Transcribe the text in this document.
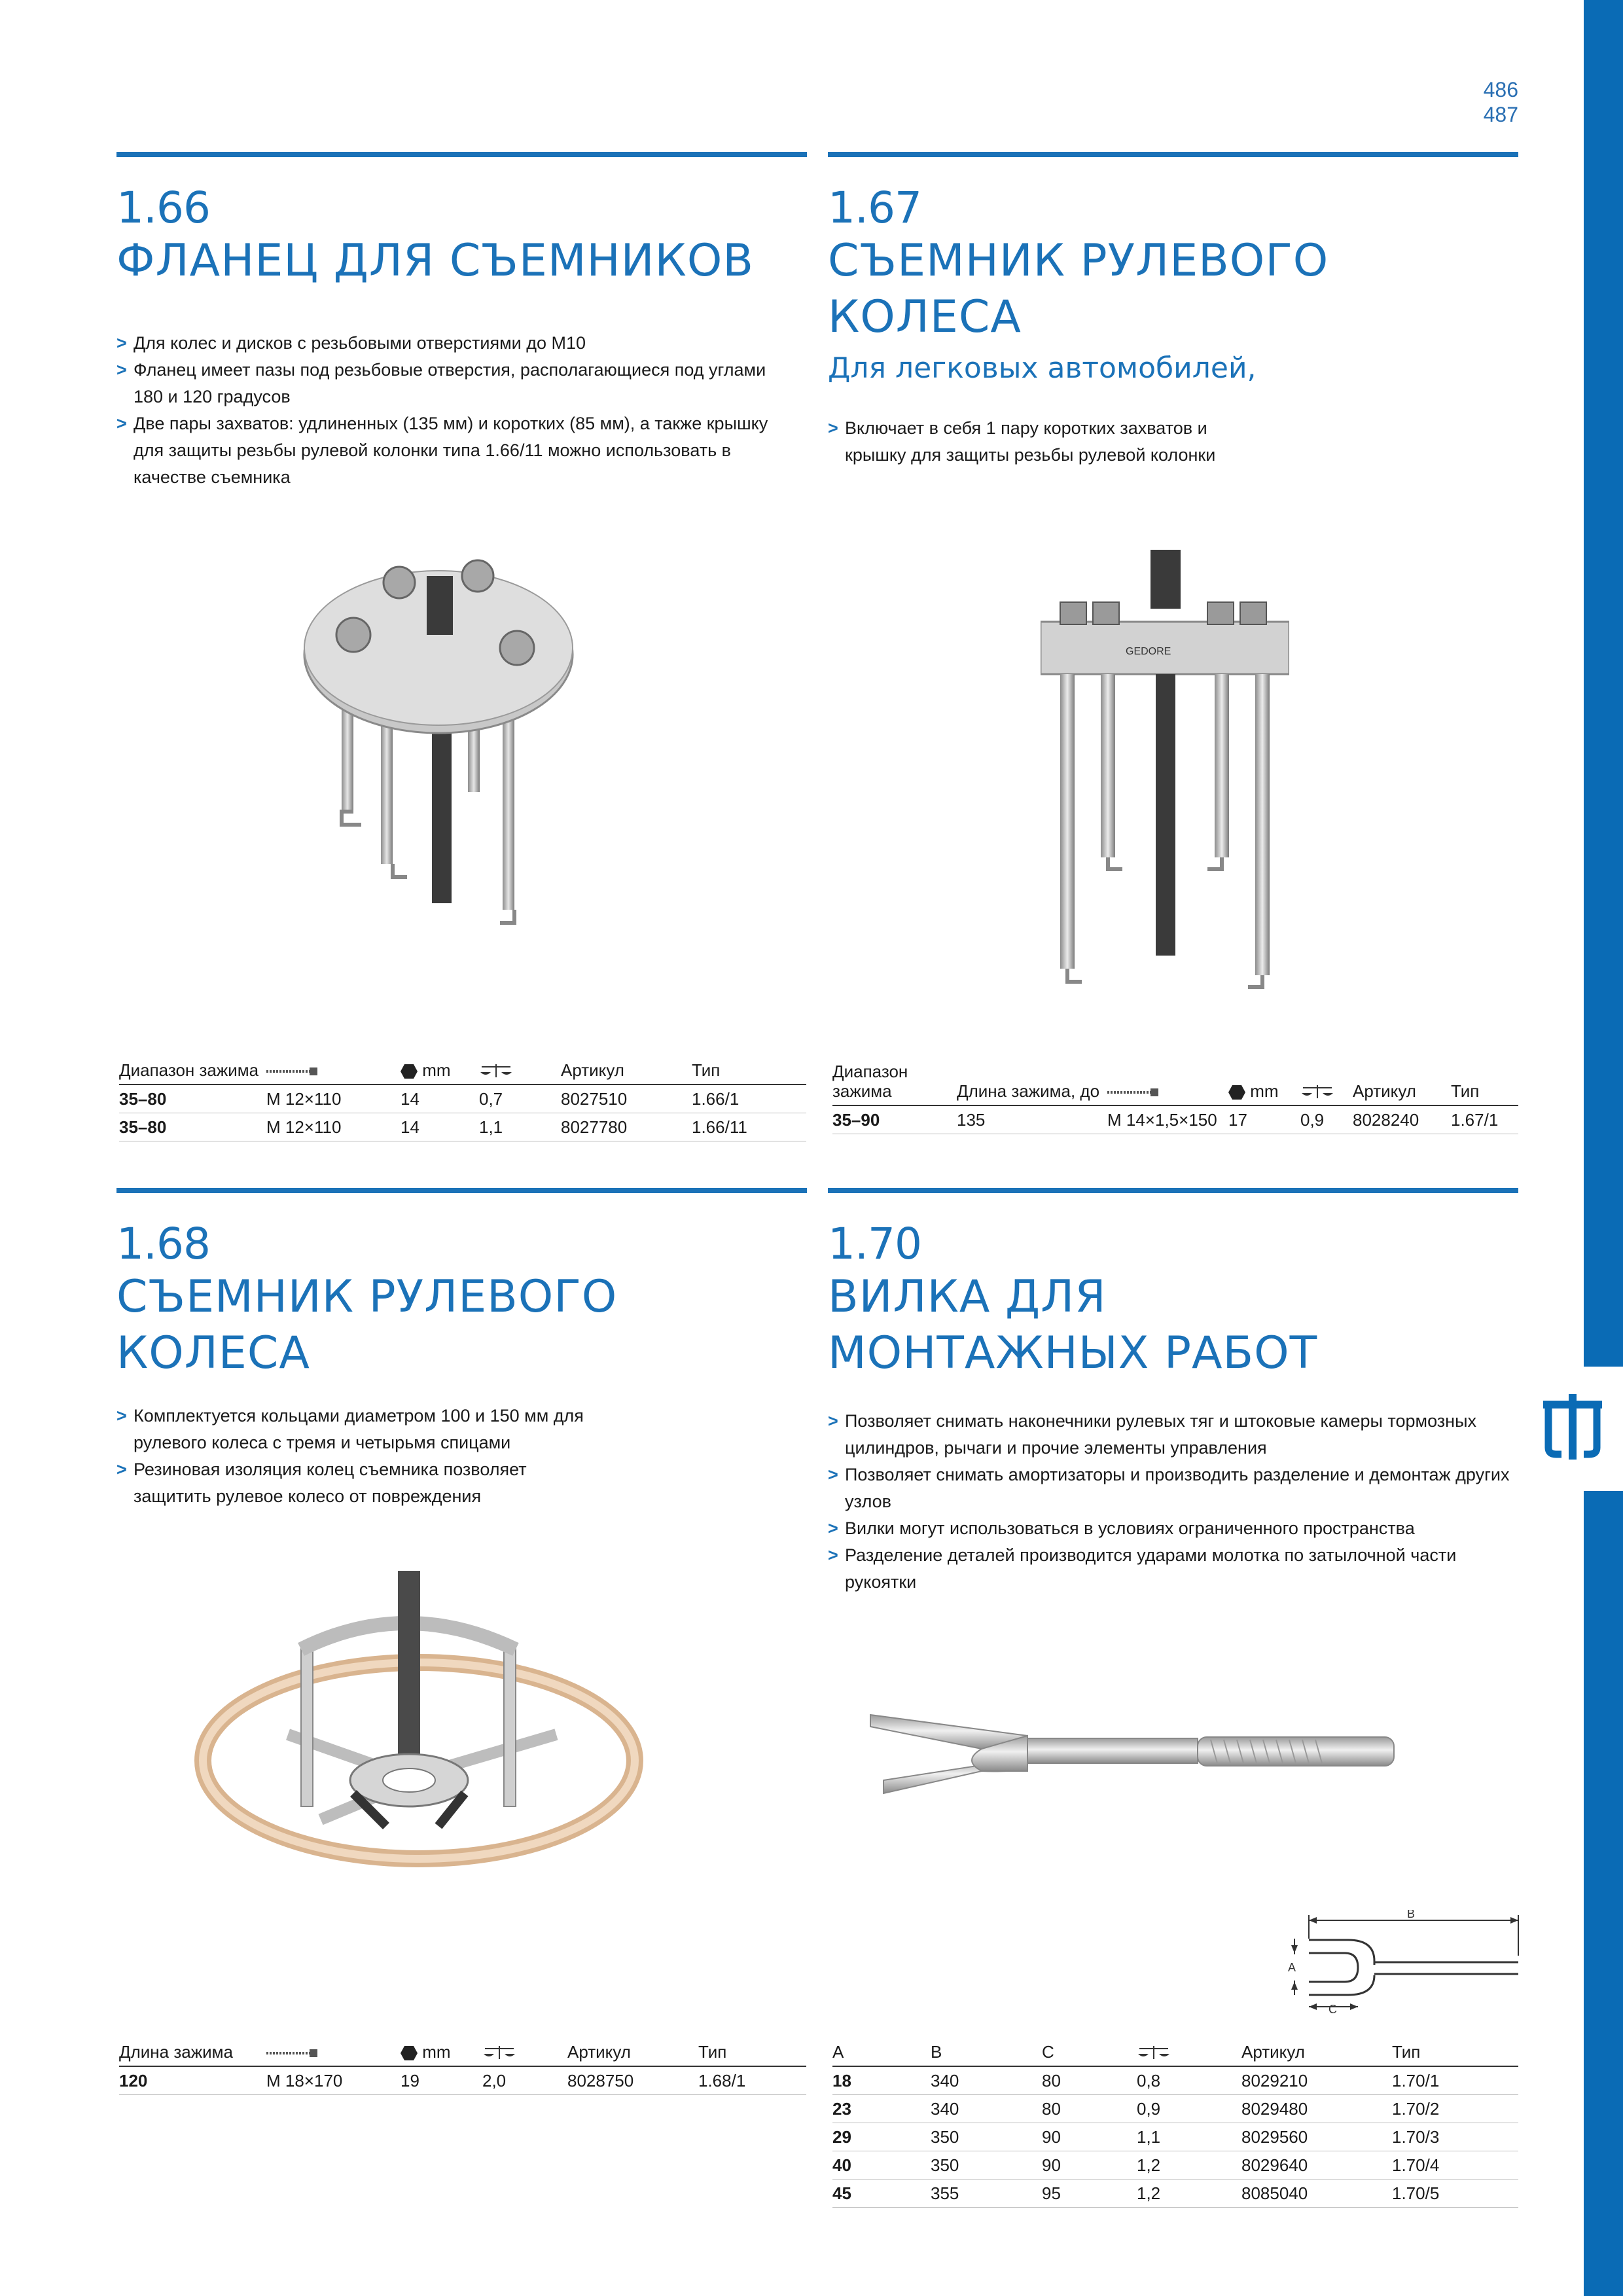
486
487
1.66
ФЛАНЕЦ ДЛЯ СЪЕМНИКОВ
> Для колес и дисков с резьбовыми отверстиями до М10
> Фланец имеет пазы под резьбовые отверстия, располагающиеся под углами 180 и 120 градусов
> Две пары захватов: удлиненных (135 мм) и коротких (85 мм), а также крышку для защиты резьбы рулевой колонки типа 1.66/11 можно использовать в качестве съемника
Диапазон зажима		mm		Артикул	Тип
35–80	М 12×110	14	0,7	8027510	1.66/1
35–80	М 12×110	14	1,1	8027780	1.66/11
1.67
СЪЕМНИК РУЛЕВОГО КОЛЕСА
Для легковых автомобилей,
> Включает в себя 1 пару коротких захватов и крышку для защиты резьбы рулевой колонки
GEDORE
Диапазон зажима	Длина зажима, до		mm		Артикул	Тип
35–90	135	М 14×1,5×150	17	0,9	8028240	1.67/1
1.68
СЪЕМНИК РУЛЕВОГО КОЛЕСА
> Комплектуется кольцами диаметром 100 и 150 мм для рулевого колеса с тремя и четырьмя спицами
> Резиновая изоляция колец съемника позволяет защитить рулевое колесо от повреждения
Длина зажима		mm		Артикул	Тип
120	М 18×170	19	2,0	8028750	1.68/1
1.70
ВИЛКА ДЛЯ МОНТАЖНЫХ РАБОТ
> Позволяет снимать наконечники рулевых тяг и штоковые камеры тормозных цилиндров, рычаги и прочие элементы управления
> Позволяет снимать амортизаторы и производить разделение и демонтаж других узлов
> Вилки могут использоваться в условиях ограниченного пространства
> Разделение деталей производится ударами молотка по затылочной части рукоятки
B
A
C
A	B	C		Артикул	Тип
18	340	80	0,8	8029210	1.70/1
23	340	80	0,9	8029480	1.70/2
29	350	90	1,1	8029560	1.70/3
40	350	90	1,2	8029640	1.70/4
45	355	95	1,2	8085040	1.70/5
